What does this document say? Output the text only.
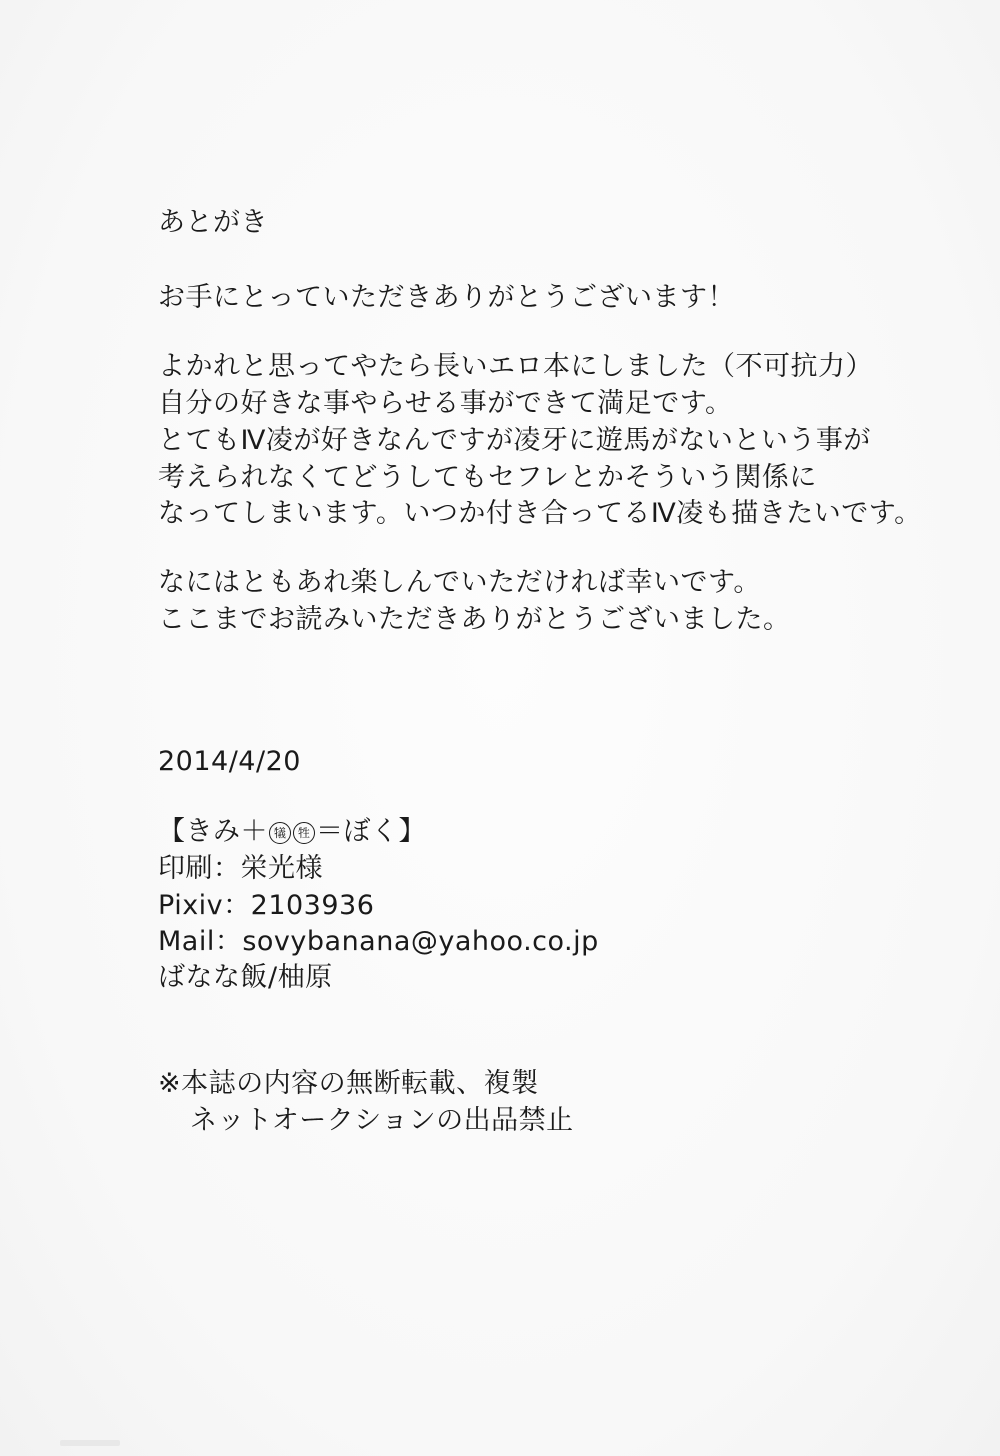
あとがき
お手にとっていただきありがとうございます！
よかれと思ってやたら長いエロ本にしました（不可抗力）
自分の好きな事やらせる事ができて満足です。
とてもⅣ凌が好きなんですが凌牙に遊馬がないという事が
考えられなくてどうしてもセフレとかそういう関係に
なってしまいます。いつか付き合ってるⅣ凌も描きたいです。
なにはともあれ楽しんでいただければ幸いです。
ここまでお読みいただきありがとうございました。
2014/4/20
【きみ＋ 犠 牲 ＝ぼく】
印刷：栄光様
Pixiv：2103936
Mail：sovybanana@yahoo.co.jp
ばなな飯/柚原
※本誌の内容の無断転載、複製
ネットオークションの出品禁止
